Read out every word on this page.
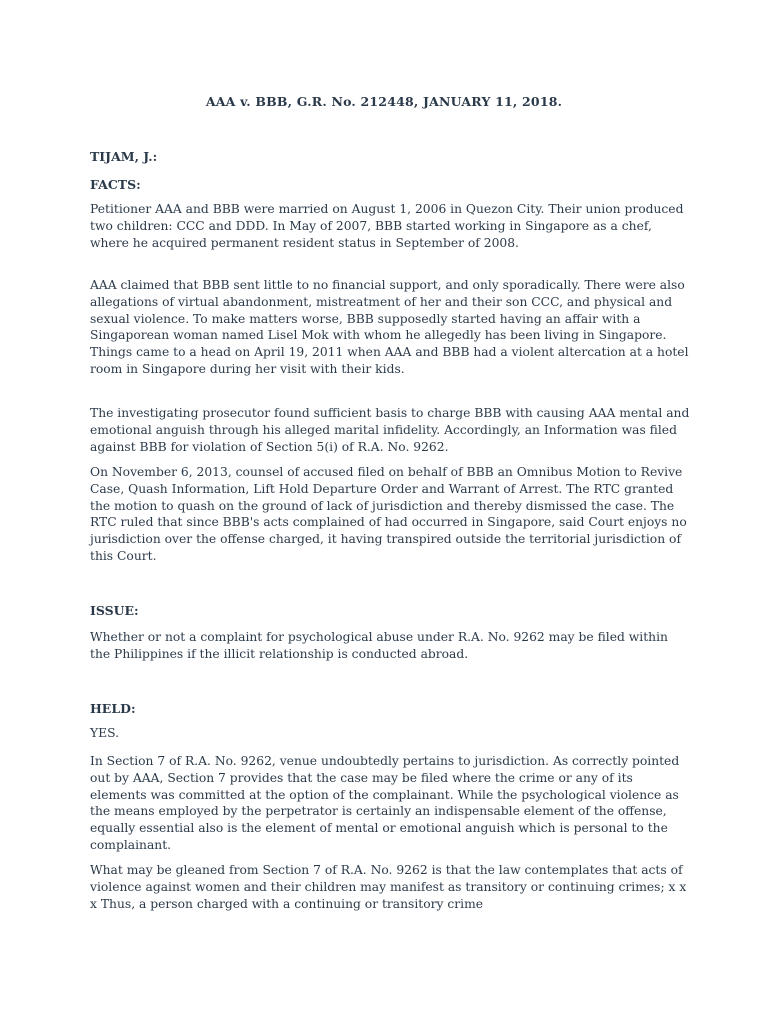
AAA v. BBB, G.R. No. 212448, JANUARY 11, 2018.
TIJAM, J.:
FACTS:

Petitioner AAA and BBB were married on August 1, 2006 in Quezon City. Their union produced two children: CCC and DDD. In May of 2007, BBB started working in Singapore as a chef, where he acquired permanent resident status in September of 2008.

AAA claimed that BBB sent little to no financial support, and only sporadically. There were also allegations of virtual abandonment, mistreatment of her and their son CCC, and physical and sexual violence. To make matters worse, BBB supposedly started having an affair with a Singaporean woman named Lisel Mok with whom he allegedly has been living in Singapore. Things came to a head on April 19, 2011 when AAA and BBB had a violent altercation at a hotel room in Singapore during her visit with their kids.

The investigating prosecutor found sufficient basis to charge BBB with causing AAA mental and emotional anguish through his alleged marital infidelity. Accordingly, an Information was filed against BBB for violation of Section 5(i) of R.A. No. 9262.

On November 6, 2013, counsel of accused filed on behalf of BBB an Omnibus Motion to Revive Case, Quash Information, Lift Hold Departure Order and Warrant of Arrest. The RTC granted the motion to quash on the ground of lack of jurisdiction and thereby dismissed the case. The RTC ruled that since BBB's acts complained of had occurred in Singapore, said Court enjoys no jurisdiction over the offense charged, it having transpired outside the territorial jurisdiction of this Court.

ISSUE:

Whether or not a complaint for psychological abuse under R.A. No. 9262 may be filed within the Philippines if the illicit relationship is conducted abroad.

HELD:

YES.

In Section 7 of R.A. No. 9262, venue undoubtedly pertains to jurisdiction. As correctly pointed out by AAA, Section 7 provides that the case may be filed where the crime or any of its elements was committed at the option of the complainant. While the psychological violence as the means employed by the perpetrator is certainly an indispensable element of the offense, equally essential also is the element of mental or emotional anguish which is personal to the complainant.

What may be gleaned from Section 7 of R.A. No. 9262 is that the law contemplates that acts of violence against women and their children may manifest as transitory or continuing crimes; x x x Thus, a person charged with a continuing or transitory crime
